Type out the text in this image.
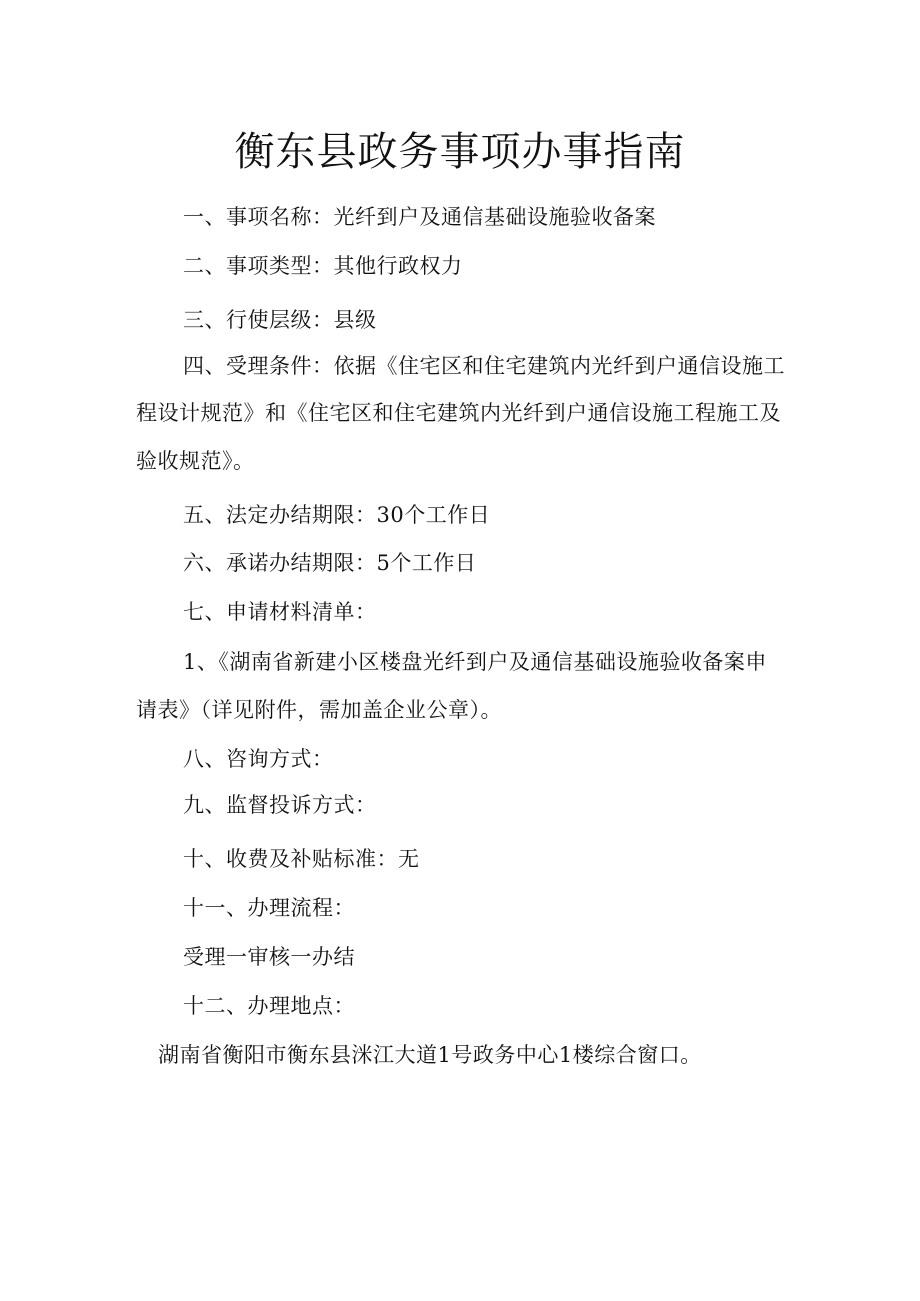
衡东县政务事项办事指南
一、事项名称：光纤到户及通信基础设施验收备案
二、事项类型：其他行政权力
三、行使层级：县级
四、受理条件：依据《住宅区和住宅建筑内光纤到户通信设施工
程设计规范》和《住宅区和住宅建筑内光纤到户通信设施工程施工及
验收规范》。
五、法定办结期限：30个工作日
六、承诺办结期限：5个工作日
七、申请材料清单：
1、《湖南省新建小区楼盘光纤到户及通信基础设施验收备案申
请表》（详见附件，需加盖企业公章）。
八、咨询方式：
九、监督投诉方式：
十、收费及补贴标准：无
十一、办理流程：
受理一审核一办结
十二、办理地点：
湖南省衡阳市衡东县洣江大道1号政务中心1楼综合窗口。
